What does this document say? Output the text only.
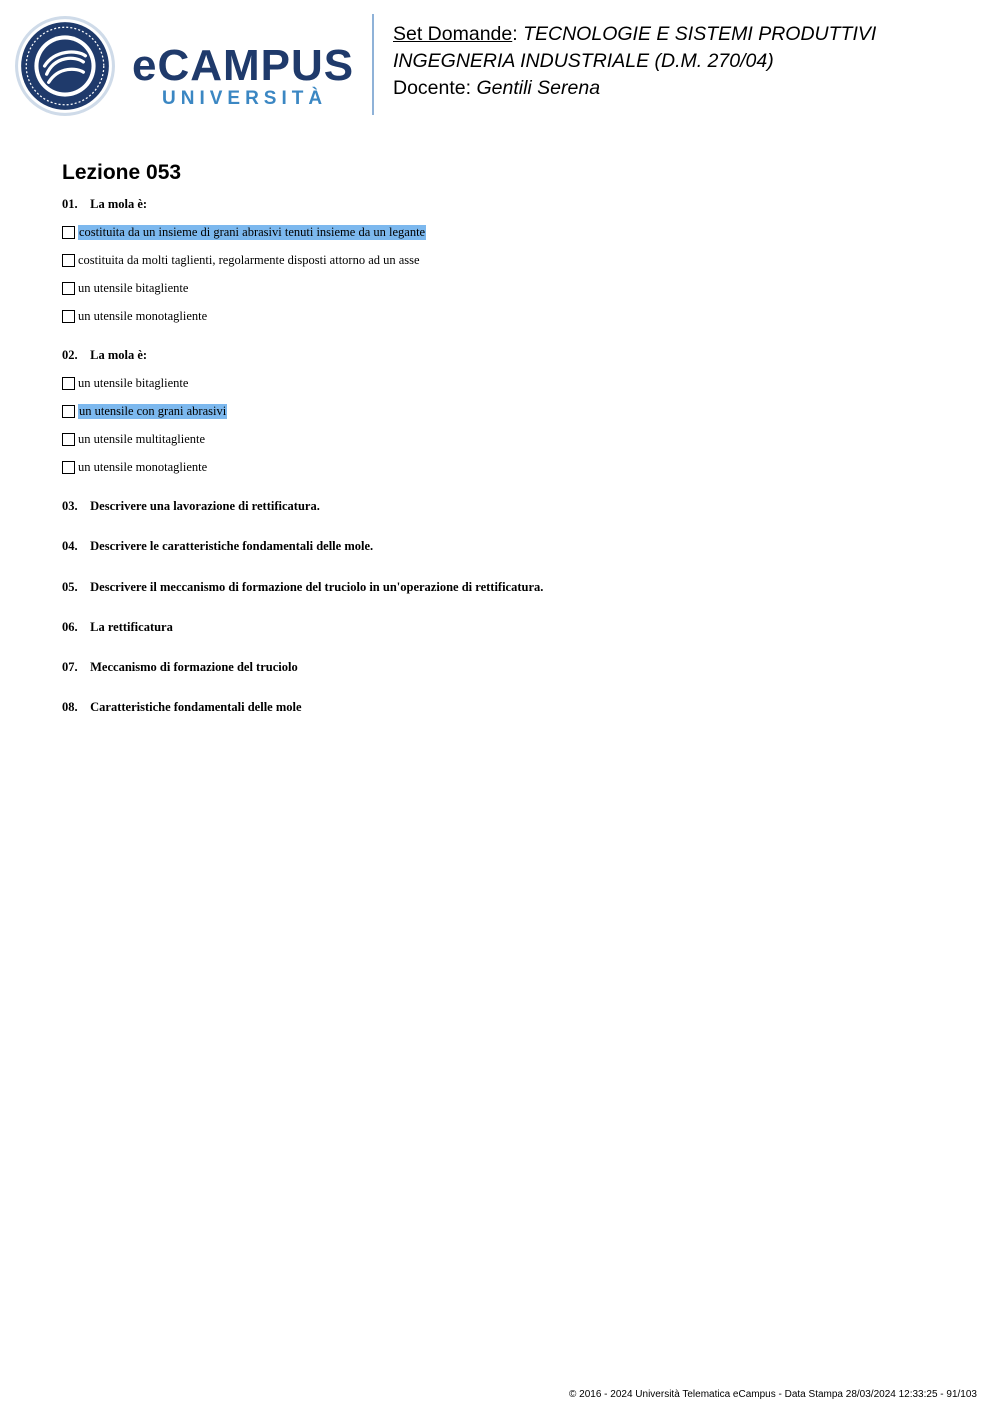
eCAMPUS
UNIVERSITÀ
Set Domande: TECNOLOGIE E SISTEMI PRODUTTIVI
INGEGNERIA INDUSTRIALE (D.M. 270/04)
Docente: Gentili Serena
Lezione 053
01. La mola è:
costituita da un insieme di grani abrasivi tenuti insieme da un legante
costituita da molti taglienti, regolarmente disposti attorno ad un asse
un utensile bitagliente
un utensile monotagliente
02. La mola è:
un utensile bitagliente
un utensile con grani abrasivi
un utensile multitagliente
un utensile monotagliente
03. Descrivere una lavorazione di rettificatura.
04. Descrivere le caratteristiche fondamentali delle mole.
05. Descrivere il meccanismo di formazione del truciolo in un'operazione di rettificatura.
06. La rettificatura
07. Meccanismo di formazione del truciolo
08. Caratteristiche fondamentali delle mole
© 2016 - 2024 Università Telematica eCampus - Data Stampa 28/03/2024 12:33:25 - 91/103
